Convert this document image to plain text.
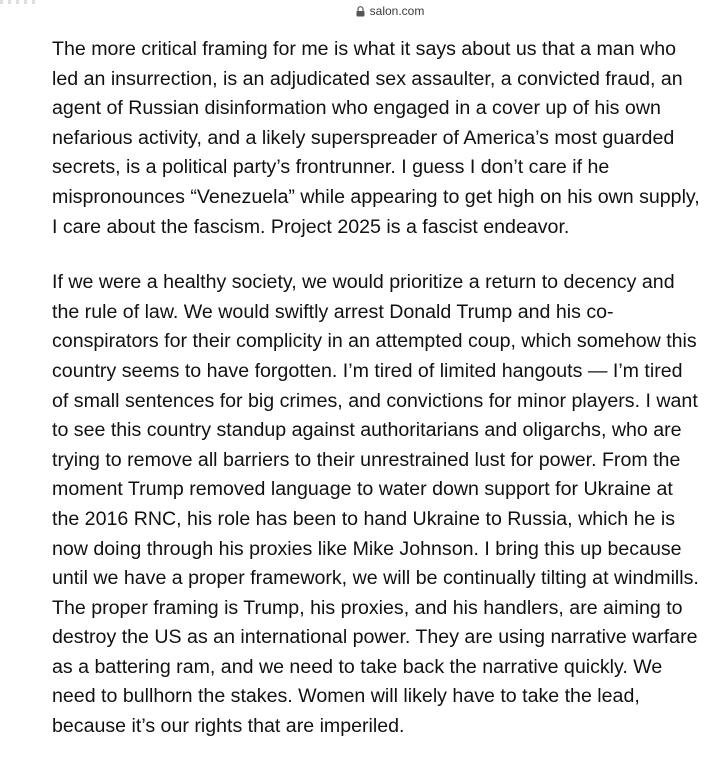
salon.com

The more critical framing for me is what it says about us that a man who led an insurrection, is an adjudicated sex assaulter, a convicted fraud, an agent of Russian disinformation who engaged in a cover up of his own nefarious activity, and a likely superspreader of America’s most guarded secrets, is a political party’s frontrunner. I guess I don’t care if he mispronounces “Venezuela” while appearing to get high on his own supply, I care about the fascism. Project 2025 is a fascist endeavor.

If we were a healthy society, we would prioritize a return to decency and the rule of law. We would swiftly arrest Donald Trump and his co-conspirators for their complicity in an attempted coup, which somehow this country seems to have forgotten. I’m tired of limited hangouts — I’m tired of small sentences for big crimes, and convictions for minor players. I want to see this country standup against authoritarians and oligarchs, who are trying to remove all barriers to their unrestrained lust for power. From the moment Trump removed language to water down support for Ukraine at the 2016 RNC, his role has been to hand Ukraine to Russia, which he is now doing through his proxies like Mike Johnson. I bring this up because until we have a proper framework, we will be continually tilting at windmills. The proper framing is Trump, his proxies, and his handlers, are aiming to destroy the US as an international power. They are using narrative warfare as a battering ram, and we need to take back the narrative quickly. We need to bullhorn the stakes. Women will likely have to take the lead, because it’s our rights that are imperiled.
